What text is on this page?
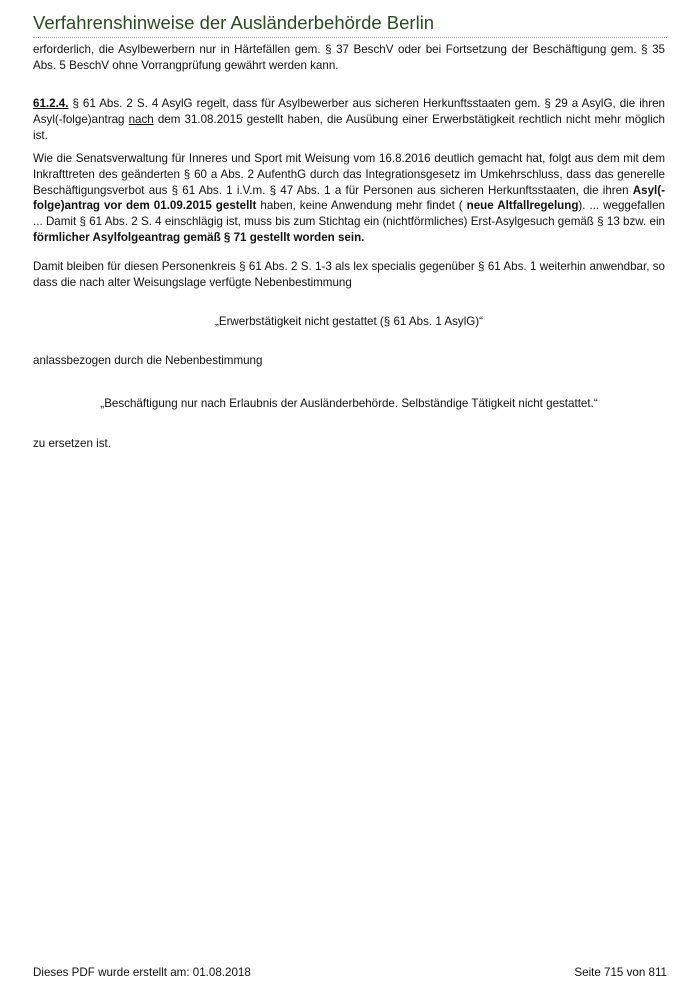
Verfahrenshinweise der Ausländerbehörde Berlin

erforderlich, die Asylbewerbern nur in Härtefällen gem. § 37 BeschV oder bei Fortsetzung der Beschäftigung gem. § 35 Abs. 5 BeschV ohne Vorrangprüfung gewährt werden kann.

61.2.4. § 61 Abs. 2 S. 4 AsylG regelt, dass für Asylbewerber aus sicheren Herkunftsstaaten gem. § 29 a AsylG, die ihren Asyl(-folge)antrag nach dem 31.08.2015 gestellt haben, die Ausübung einer Erwerbstätigkeit rechtlich nicht mehr möglich ist.

Wie die Senatsverwaltung für Inneres und Sport mit Weisung vom 16.8.2016 deutlich gemacht hat, folgt aus dem mit dem Inkrafttreten des geänderten § 60 a Abs. 2 AufenthG durch das Integrationsgesetz im Umkehrschluss, dass das generelle Beschäftigungsverbot aus § 61 Abs. 1 i.V.m. § 47 Abs. 1 a für Personen aus sicheren Herkunftsstaaten, die ihren Asyl(-folge)antrag vor dem 01.09.2015 gestellt haben, keine Anwendung mehr findet ( neue Altfallregelung). ... weggefallen ... Damit § 61 Abs. 2 S. 4 einschlägig ist, muss bis zum Stichtag ein (nichtförmliches) Erst-Asylgesuch gemäß § 13 bzw. ein förmlicher Asylfolgeantrag gemäß § 71 gestellt worden sein.

Damit bleiben für diesen Personenkreis § 61 Abs. 2 S. 1-3 als lex specialis gegenüber § 61 Abs. 1 weiterhin anwendbar, so dass die nach alter Weisungslage verfügte Nebenbestimmung

„Erwerbstätigkeit nicht gestattet (§ 61 Abs. 1 AsylG)“

anlassbezogen durch die Nebenbestimmung

„Beschäftigung nur nach Erlaubnis der Ausländerbehörde. Selbständige Tätigkeit nicht gestattet.“

zu ersetzen ist.

Dieses PDF wurde erstellt am: 01.08.2018	Seite 715 von 811
